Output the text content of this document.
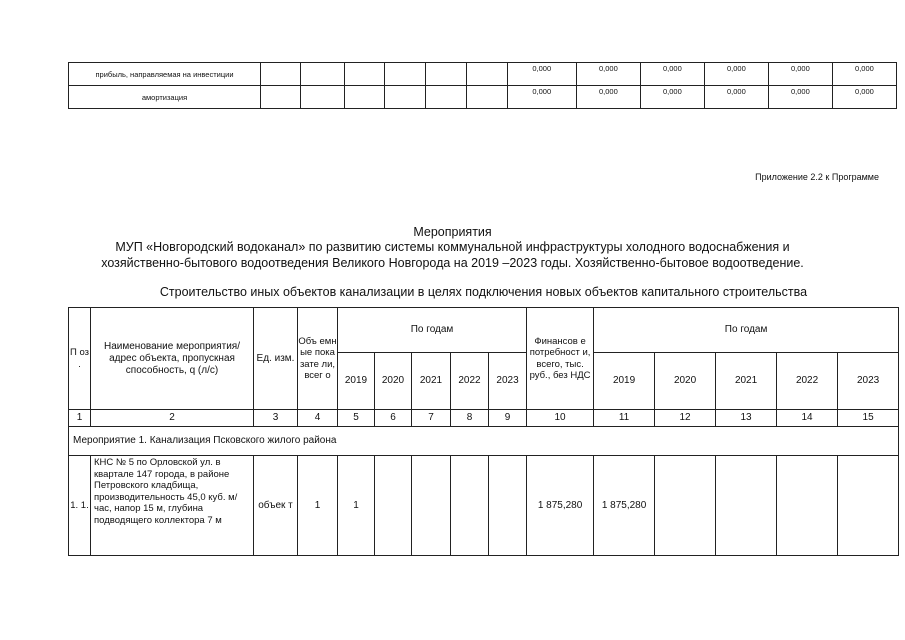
прибыль, направляемая на инвестиции							0,000	0,000	0,000	0,000	0,000	0,000
амортизация							0,000	0,000	0,000	0,000	0,000	0,000
Приложение 2.2 к Программе
Мероприятия
МУП «Новгородский водоканал» по развитию системы коммунальной инфраструктуры холодного водоснабжения и
хозяйственно-бытового водоотведения Великого Новгорода на 2019 –2023 годы. Хозяйственно-бытовое водоотведение.
Строительство иных объектов канализации в целях подключения новых объектов капитального строительства
П оз .	Наименование мероприятия/адрес объекта, пропускная способность, q (л/с)	Ед. изм.	Объ емн ые пока зате ли, всег о	По годам					Финансов е потребност и, всего, тыс. руб., без НДС	По годам				
				2019	2020	2021	2022	2023		2019	2020	2021	2022	2023
1	2	3	4	5	6	7	8	9	10	11	12	13	14	15
Мероприятие 1. Канализация Псковского жилого района														
1. 1.	КНС № 5 по Орловской ул. в квартале 147 города, в районе Петровского кладбища, производительность 45,0 куб. м/час, напор 15 м, глубина подводящего коллектора 7 м	объек т	1	1					1 875,280	1 875,280				
